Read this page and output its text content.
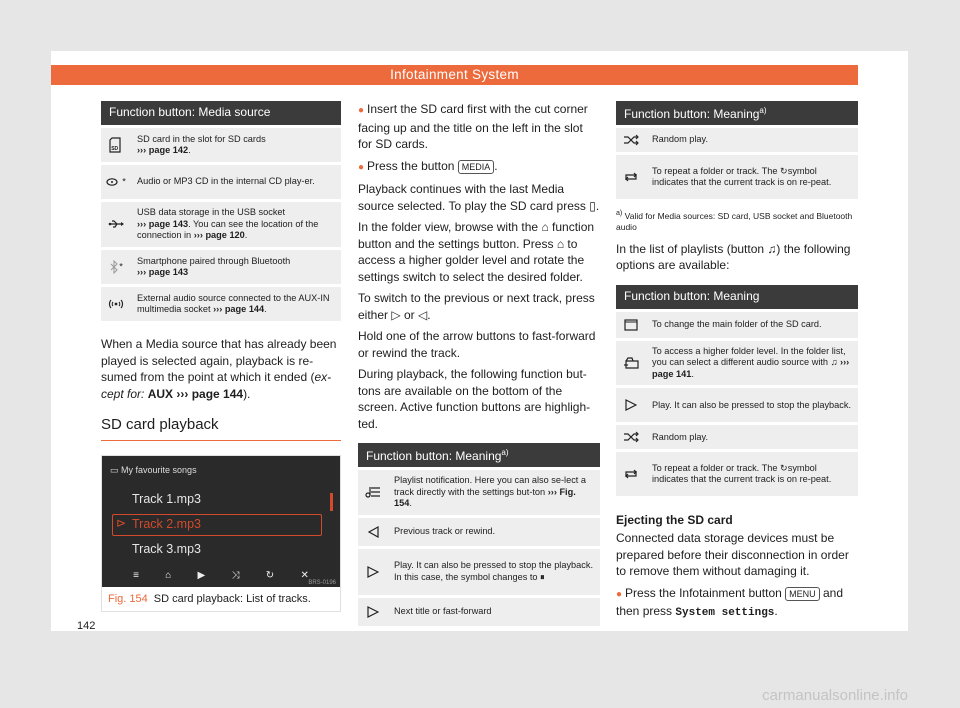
Infotainment System
Function button: Media source	

SD	SD card in the slot for SD cards
››› page 142.
*	Audio or MP3 CD in the internal CD play-er.
	USB data storage in the USB socket
››› page 143. You can see the location of the connection in ››› page 120.
*	Smartphone paired through Bluetooth
››› page 143
	External audio source connected to the AUX-IN multimedia socket ››› page 144.

When a Media source that has already been played is selected again, playback is re-sumed from the point at which it ended (ex-cept for: AUX ››› page 144).

SD card playback
▭ My favourite songs
Track 1.mp3
⊳ Track 2.mp3
Track 3.mp3
≡	⌂	▶	⤨	↻	✕
BRS-0196
Fig. 154 SD card playback: List of tracks.

● Insert the SD card first with the cut corner facing up and the title on the left in the slot for SD cards.

● Press the button MEDIA .

Playback continues with the last Media source selected. To play the SD card press ▯.

In the folder view, browse with the ⌂ function button and the settings button. Press ⌂ to access a higher golder level and rotate the settings switch to select the desired folder.

To switch to the previous or next track, press either ▷ or ◁.

Hold one of the arrow buttons to fast-forward or rewind the track.

During playback, the following function but-tons are available on the bottom of the screen. Active function buttons are highligh-ted.

Function button: Meaning$^{a)}$
	Playlist notification. Here you can also se-lect a track directly with the settings but-ton ››› Fig. 154.
	Previous track or rewind.
	Play. It can also be pressed to stop the playback. In this case, the symbol changes to ⏸
	Next title or fast-forward
Function button: Meaning$^{a)}$
	Random play.
	To repeat a folder or track. The ↻symbol indicates that the current track is on re-peat.
$^{a)}$ Valid for Media sources: SD card, USB socket and Bluetooth audio

In the list of playlists (button ♫) the following options are available:

Function button: Meaning	
	To change the main folder of the SD card.
	To access a higher folder level. In the folder list, you can select a different audio source with ♫ ››› page 141.
	Play. It can also be pressed to stop the playback.
	Random play.
	To repeat a folder or track. The ↻symbol indicates that the current track is on re-peat.
Ejecting the SD card

Connected data storage devices must be prepared before their disconnection in order to remove them without damaging it.

● Press the Infotainment button MENU and then press System settings.

142
carmanualsonline.info
